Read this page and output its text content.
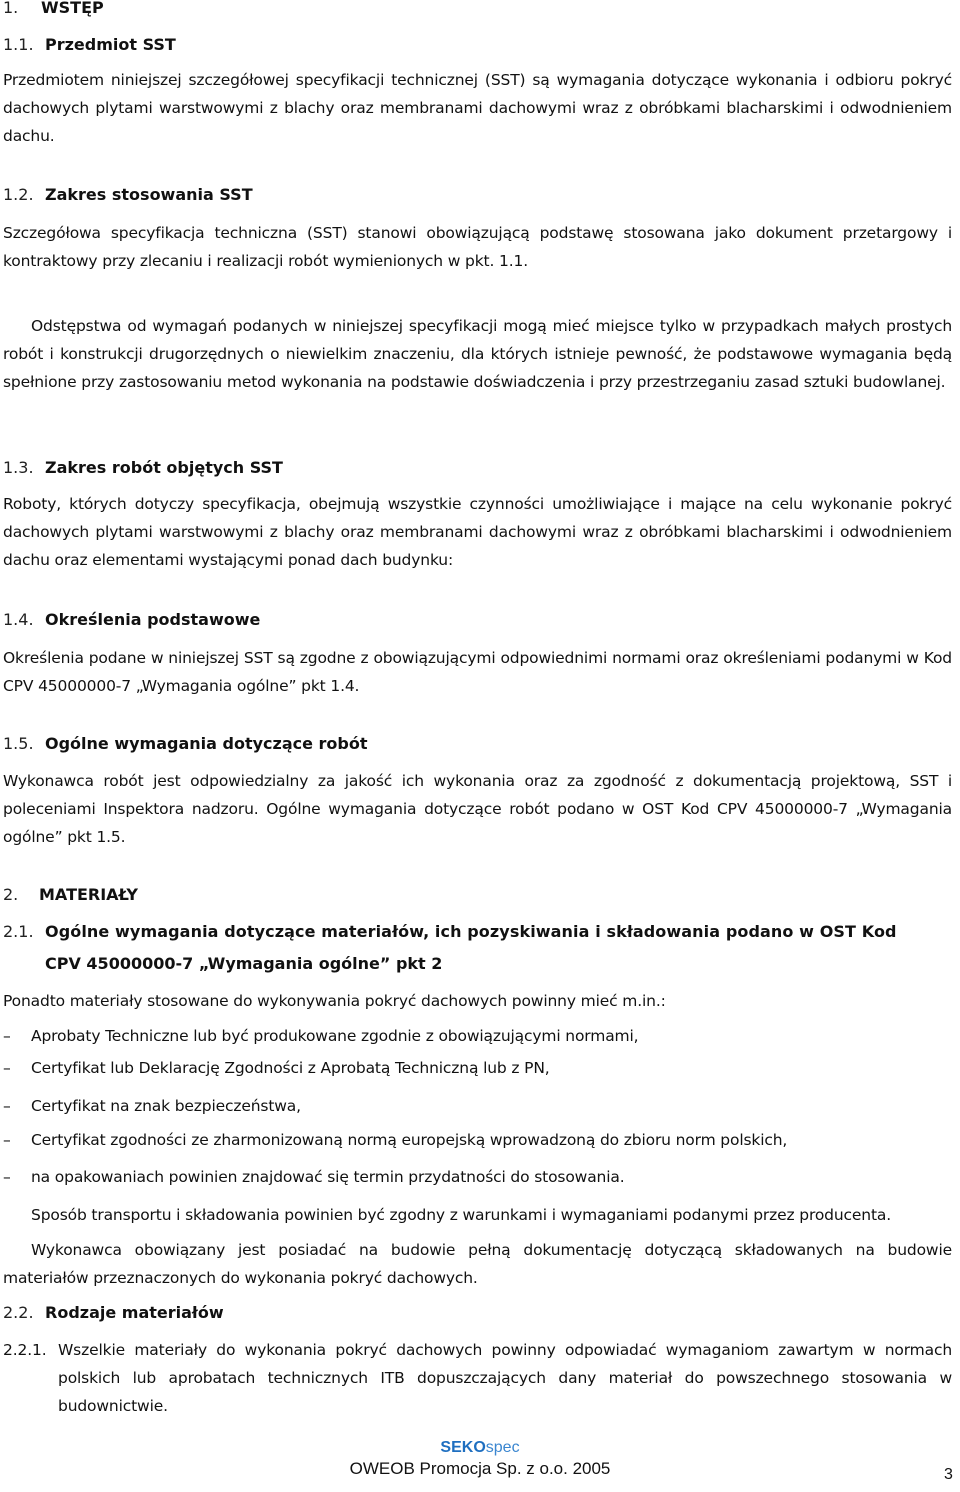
1. WSTĘP
1.1. Przedmiot SST
Przedmiotem niniejszej szczegółowej specyfikacji technicznej (SST) są wymagania dotyczące wykonania i odbioru pokryć dachowych plytami warstwowymi z blachy oraz membranami dachowymi wraz z obróbkami blacharskimi i odwodnieniem dachu.
1.2. Zakres stosowania SST
Szczegółowa specyfikacja techniczna (SST) stanowi obowiązującą podstawę stosowana jako dokument przetargowy i kontraktowy przy zlecaniu i realizacji robót wymienionych w pkt. 1.1.
Odstępstwa od wymagań podanych w niniejszej specyfikacji mogą mieć miejsce tylko w przypadkach małych prostych robót i konstrukcji drugorzędnych o niewielkim znaczeniu, dla których istnieje pewność, że podstawowe wymagania będą spełnione przy zastosowaniu metod wykonania na podstawie doświadczenia i przy przestrzeganiu zasad sztuki budowlanej.
1.3. Zakres robót objętych SST
Roboty, których dotyczy specyfikacja, obejmują wszystkie czynności umożliwiające i mające na celu wykonanie pokryć dachowych plytami warstwowymi z blachy oraz membranami dachowymi wraz z obróbkami blacharskimi i odwodnieniem dachu oraz elementami wystającymi ponad dach budynku:
1.4. Określenia podstawowe
Określenia podane w niniejszej SST są zgodne z obowiązującymi odpowiednimi normami oraz określeniami podanymi w Kod CPV 45000000-7 „Wymagania ogólne” pkt 1.4.
1.5. Ogólne wymagania dotyczące robót
Wykonawca robót jest odpowiedzialny za jakość ich wykonania oraz za zgodność z dokumentacją projektową, SST i poleceniami Inspektora nadzoru. Ogólne wymagania dotyczące robót podano w OST Kod CPV 45000000-7 „Wymagania ogólne” pkt 1.5.
2. MATERIAŁY
2.1. Ogólne wymagania dotyczące materiałów, ich pozyskiwania i składowania podano w OST Kod
CPV 45000000-7 „Wymagania ogólne” pkt 2
Ponadto materiały stosowane do wykonywania pokryć dachowych powinny mieć m.in.:
– Aprobaty Techniczne lub być produkowane zgodnie z obowiązującymi normami,
– Certyfikat lub Deklarację Zgodności z Aprobatą Techniczną lub z PN,
– Certyfikat na znak bezpieczeństwa,
– Certyfikat zgodności ze zharmonizowaną normą europejską wprowadzoną do zbioru norm polskich,
– na opakowaniach powinien znajdować się termin przydatności do stosowania.
Sposób transportu i składowania powinien być zgodny z warunkami i wymaganiami podanymi przez producenta.
Wykonawca obowiązany jest posiadać na budowie pełną dokumentację dotyczącą składowanych na budowie materiałów przeznaczonych do wykonania pokryć dachowych.
2.2. Rodzaje materiałów
2.2.1. Wszelkie materiały do wykonania pokryć dachowych powinny odpowiadać wymaganiom zawartym w normach polskich lub aprobatach technicznych ITB dopuszczających dany materiał do powszechnego stosowania w budownictwie.
SEKOspec
OWEOB Promocja Sp. z o.o. 2005	3
